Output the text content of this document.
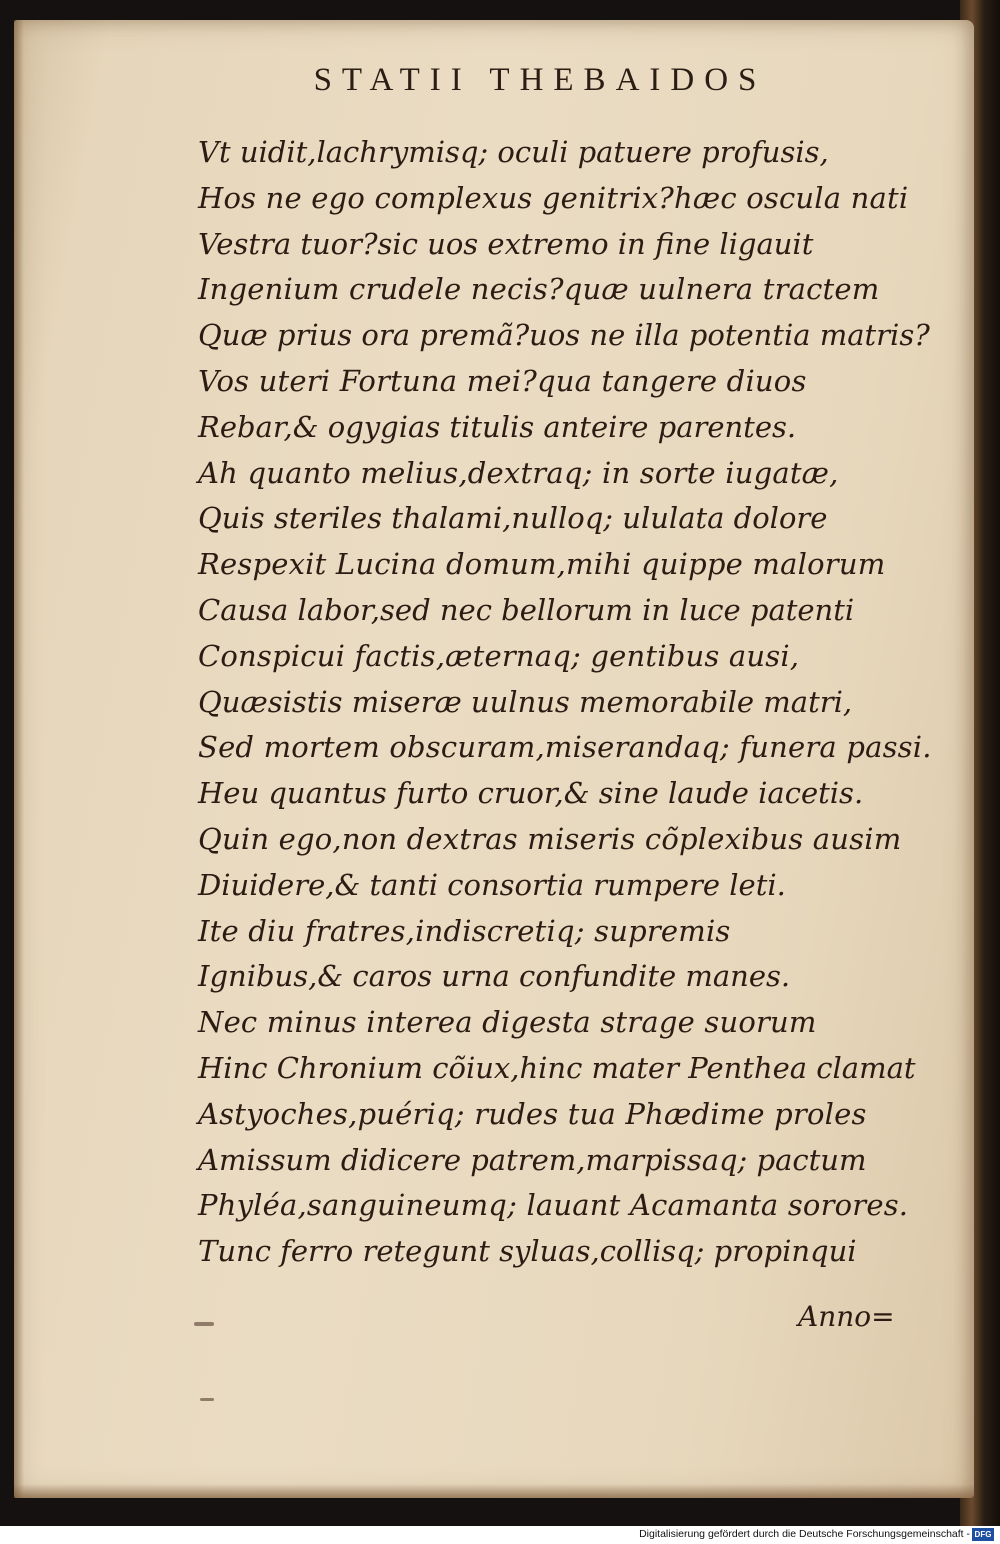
STATII THEBAIDOS
Vt uidit,lachrymisq; oculi patuere profusis,
Hos ne ego complexus genitrix?hæc oscula nati
Vestra tuor?sic uos extremo in fine ligauit
Ingenium crudele necis?quæ uulnera tractem
Quæ prius ora premã?uos ne illa potentia matris?
Vos uteri Fortuna mei?qua tangere diuos
Rebar,& ogygias titulis anteire parentes.
Ah quanto melius,dextraq; in sorte iugatæ,
Quis steriles thalami,nulloq; ululata dolore
Respexit Lucina domum,mihi quippe malorum
Causa labor,sed nec bellorum in luce patenti
Conspicui factis,æternaq; gentibus ausi,
Quæsistis miseræ uulnus memorabile matri,
Sed mortem obscuram,miserandaq; funera passi.
Heu quantus furto cruor,& sine laude iacetis.
Quin ego,non dextras miseris cõplexibus ausim
Diuidere,& tanti consortia rumpere leti.
Ite diu fratres,indiscretiq; supremis
Ignibus,& caros urna confundite manes.
Nec minus interea digesta strage suorum
Hinc Chronium cõiux,hinc mater Penthea clamat
Astyoches,puériq; rudes tua Phædime proles
Amissum didicere patrem,marpissaq; pactum
Phyléa,sanguineumq; lauant Acamanta sorores.
Tunc ferro retegunt syluas,collisq; propinqui
Anno=
Digitalisierung gefördert durch die Deutsche Forschungsgemeinschaft - DFG
